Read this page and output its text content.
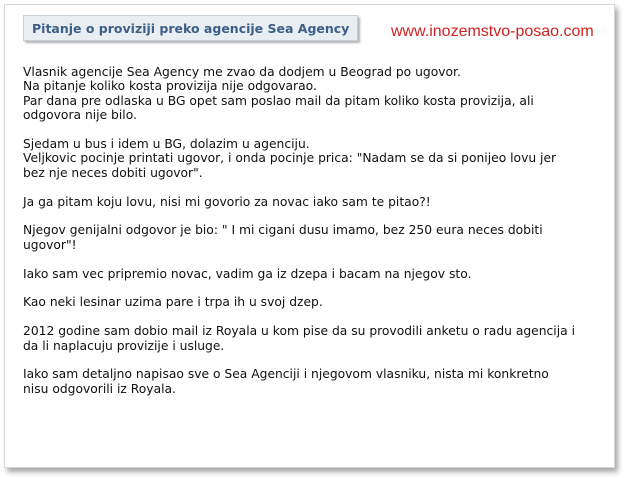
Pitanje o proviziji preko agencije Sea Agency	www.inozemstvo-posao.com

Vlasnik agencije Sea Agency me zvao da dodjem u Beograd po ugovor.
Na pitanje koliko kosta provizija nije odgovarao.
Par dana pre odlaska u BG opet sam poslao mail da pitam koliko kosta provizija, ali
odgovora nije bilo.

Sjedam u bus i idem u BG, dolazim u agenciju.
Veljkovic pocinje printati ugovor, i onda pocinje prica: "Nadam se da si ponijeo lovu jer
bez nje neces dobiti ugovor".

Ja ga pitam koju lovu, nisi mi govorio za novac iako sam te pitao?!

Njegov genijalni odgovor je bio: " I mi cigani dusu imamo, bez 250 eura neces dobiti
ugovor"!

Iako sam vec pripremio novac, vadim ga iz dzepa i bacam na njegov sto.

Kao neki lesinar uzima pare i trpa ih u svoj dzep.

2012 godine sam dobio mail iz Royala u kom pise da su provodili anketu o radu agencija i
da li naplacuju provizije i usluge.

Iako sam detaljno napisao sve o Sea Agenciji i njegovom vlasniku, nista mi konkretno
nisu odgovorili iz Royala.
